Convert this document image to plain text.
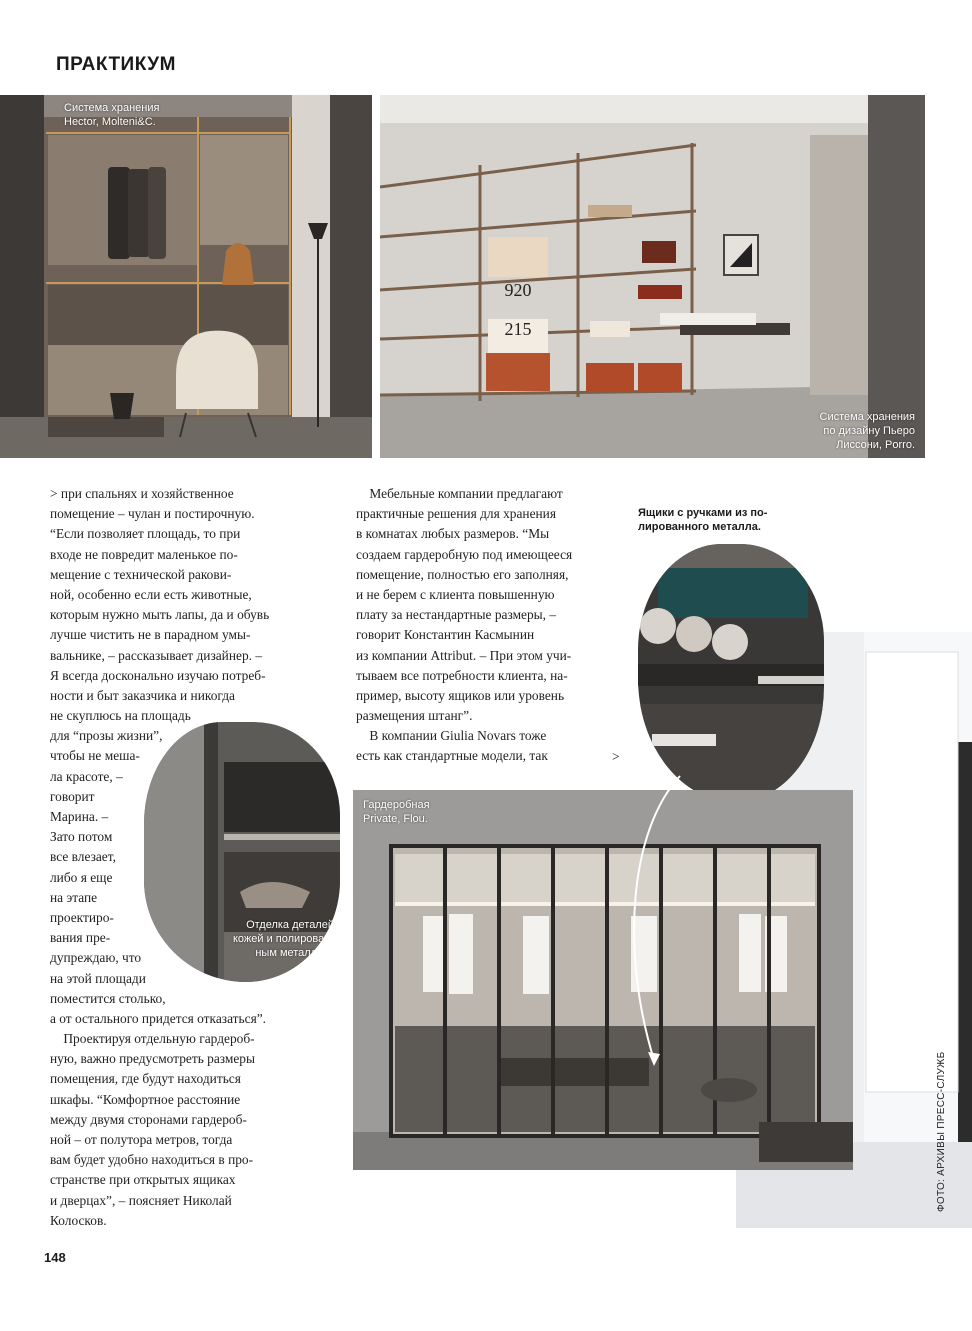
ПРАКТИКУМ
Система хранения
Hector, Molteni&C.
920
215
Система хранения
по дизайну Пьеро
Лиссони, Porro.
> при спальнях и хозяйственное
помещение – чулан и постирочную.
“Если позволяет площадь, то при
входе не повредит маленькое по-
мещение с технической ракови-
ной, особенно если есть животные,
которым нужно мыть лапы, да и обувь
лучше чистить не в парадном умы-
вальнике, – рассказывает дизайнер. –
Я всегда досконально изучаю потреб-
ности и быт заказчика и никогда
не скуплюсь на площадь
для “прозы жизни”,
чтобы не меша-
ла красоте, –
говорит
Марина. –
Зато потом
все влезает,
либо я еще
на этапе
проектиро-
вания пре-
дупреждаю, что
на этой площади
поместится столько,
а от остального придется отказаться”.
Проектируя отдельную гардероб-
ную, важно предусмотреть размеры
помещения, где будут находиться
шкафы. “Комфортное расстояние
между двумя сторонами гардероб-
ной – от полутора метров, тогда
вам будет удобно находиться в про-
странстве при открытых ящиках
и дверцах”, – поясняет Николай
Колосков.
Отделка деталей
кожей и полирован-
ным металлом.
Мебельные компании предлагают
практичные решения для хранения
в комнатах любых размеров. “Мы
создаем гардеробную под имеющееся
помещение, полностью его заполняя,
и не берем с клиента повышенную
плату за нестандартные размеры, –
говорит Константин Касмынин
из компании Attribut. – При этом учи-
тываем все потребности клиента, на-
пример, высоту ящиков или уровень
размещения штанг”.
В компании Giulia Novars тоже
есть как стандартные модели, так	>
Ящики с ручками из по-
лированного металла.
Гардеробная
Private, Flou.
148
ФОТО: АРХИВЫ ПРЕСС-СЛУЖБ
